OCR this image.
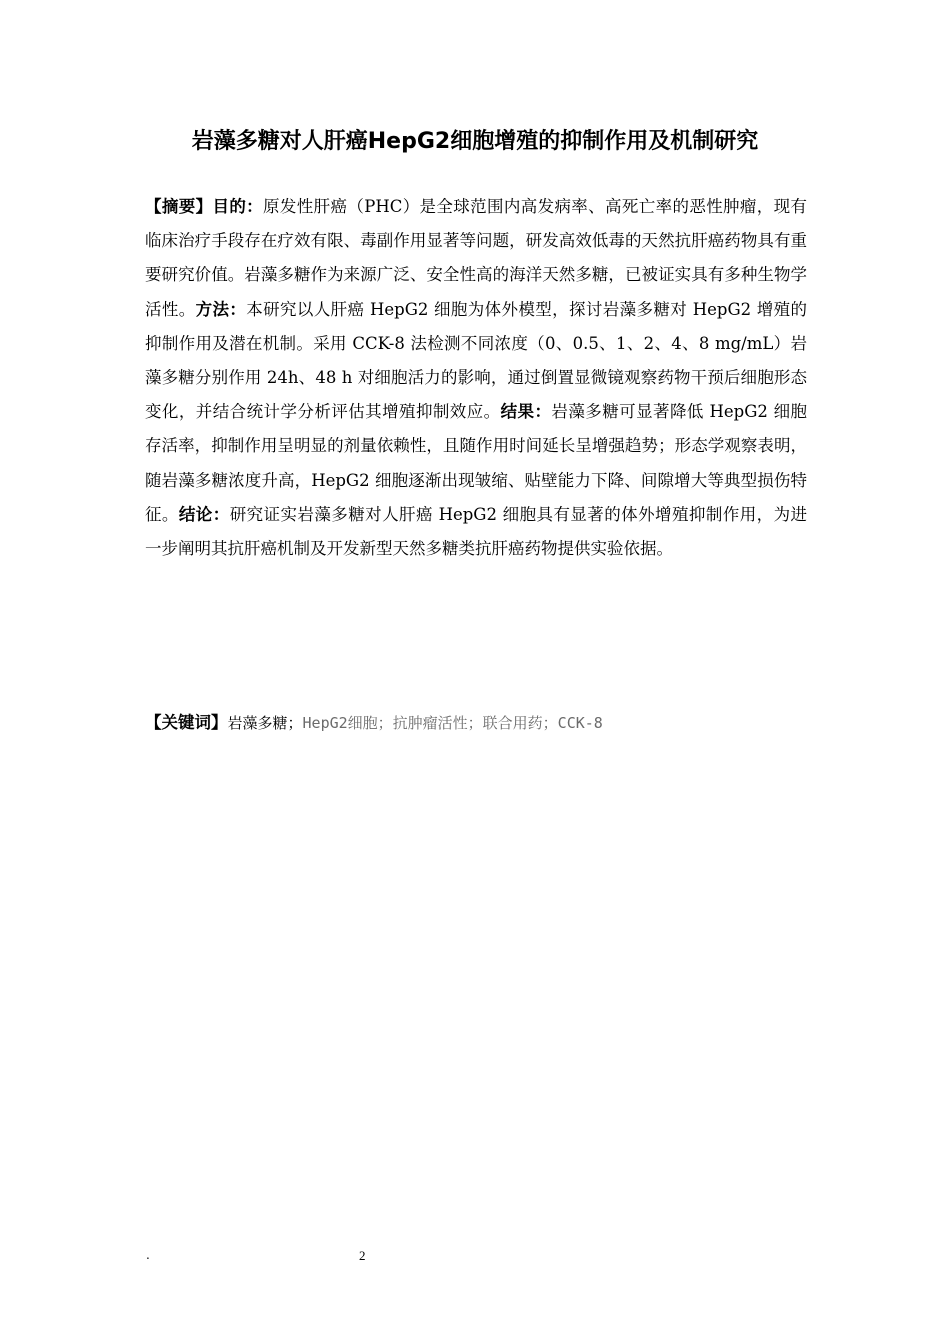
岩藻多糖对人肝癌HepG2细胞增殖的抑制作用及机制研究
【摘要】目的：原发性肝癌（PHC）是全球范围内高发病率、高死亡率的恶性肿瘤，现有临床治疗手段存在疗效有限、毒副作用显著等问题，研发高效低毒的天然抗肝癌药物具有重要研究价值。岩藻多糖作为来源广泛、安全性高的海洋天然多糖，已被证实具有多种生物学活性。方法：本研究以人肝癌 HepG2 细胞为体外模型，探讨岩藻多糖对 HepG2 增殖的抑制作用及潜在机制。采用 CCK-8 法检测不同浓度（0、0.5、1、2、4、8 mg/mL）岩藻多糖分别作用 24h、48 h 对细胞活力的影响，通过倒置显微镜观察药物干预后细胞形态变化，并结合统计学分析评估其增殖抑制效应。结果：岩藻多糖可显著降低 HepG2 细胞存活率，抑制作用呈明显的剂量依赖性，且随作用时间延长呈增强趋势；形态学观察表明，随岩藻多糖浓度升高，HepG2 细胞逐渐出现皱缩、贴壁能力下降、间隙增大等典型损伤特征。结论：研究证实岩藻多糖对人肝癌 HepG2 细胞具有显著的体外增殖抑制作用，为进一步阐明其抗肝癌机制及开发新型天然多糖类抗肝癌药物提供实验依据。
【关键词】岩藻多糖；HepG2细胞；抗肿瘤活性；联合用药；CCK-8
.	2
